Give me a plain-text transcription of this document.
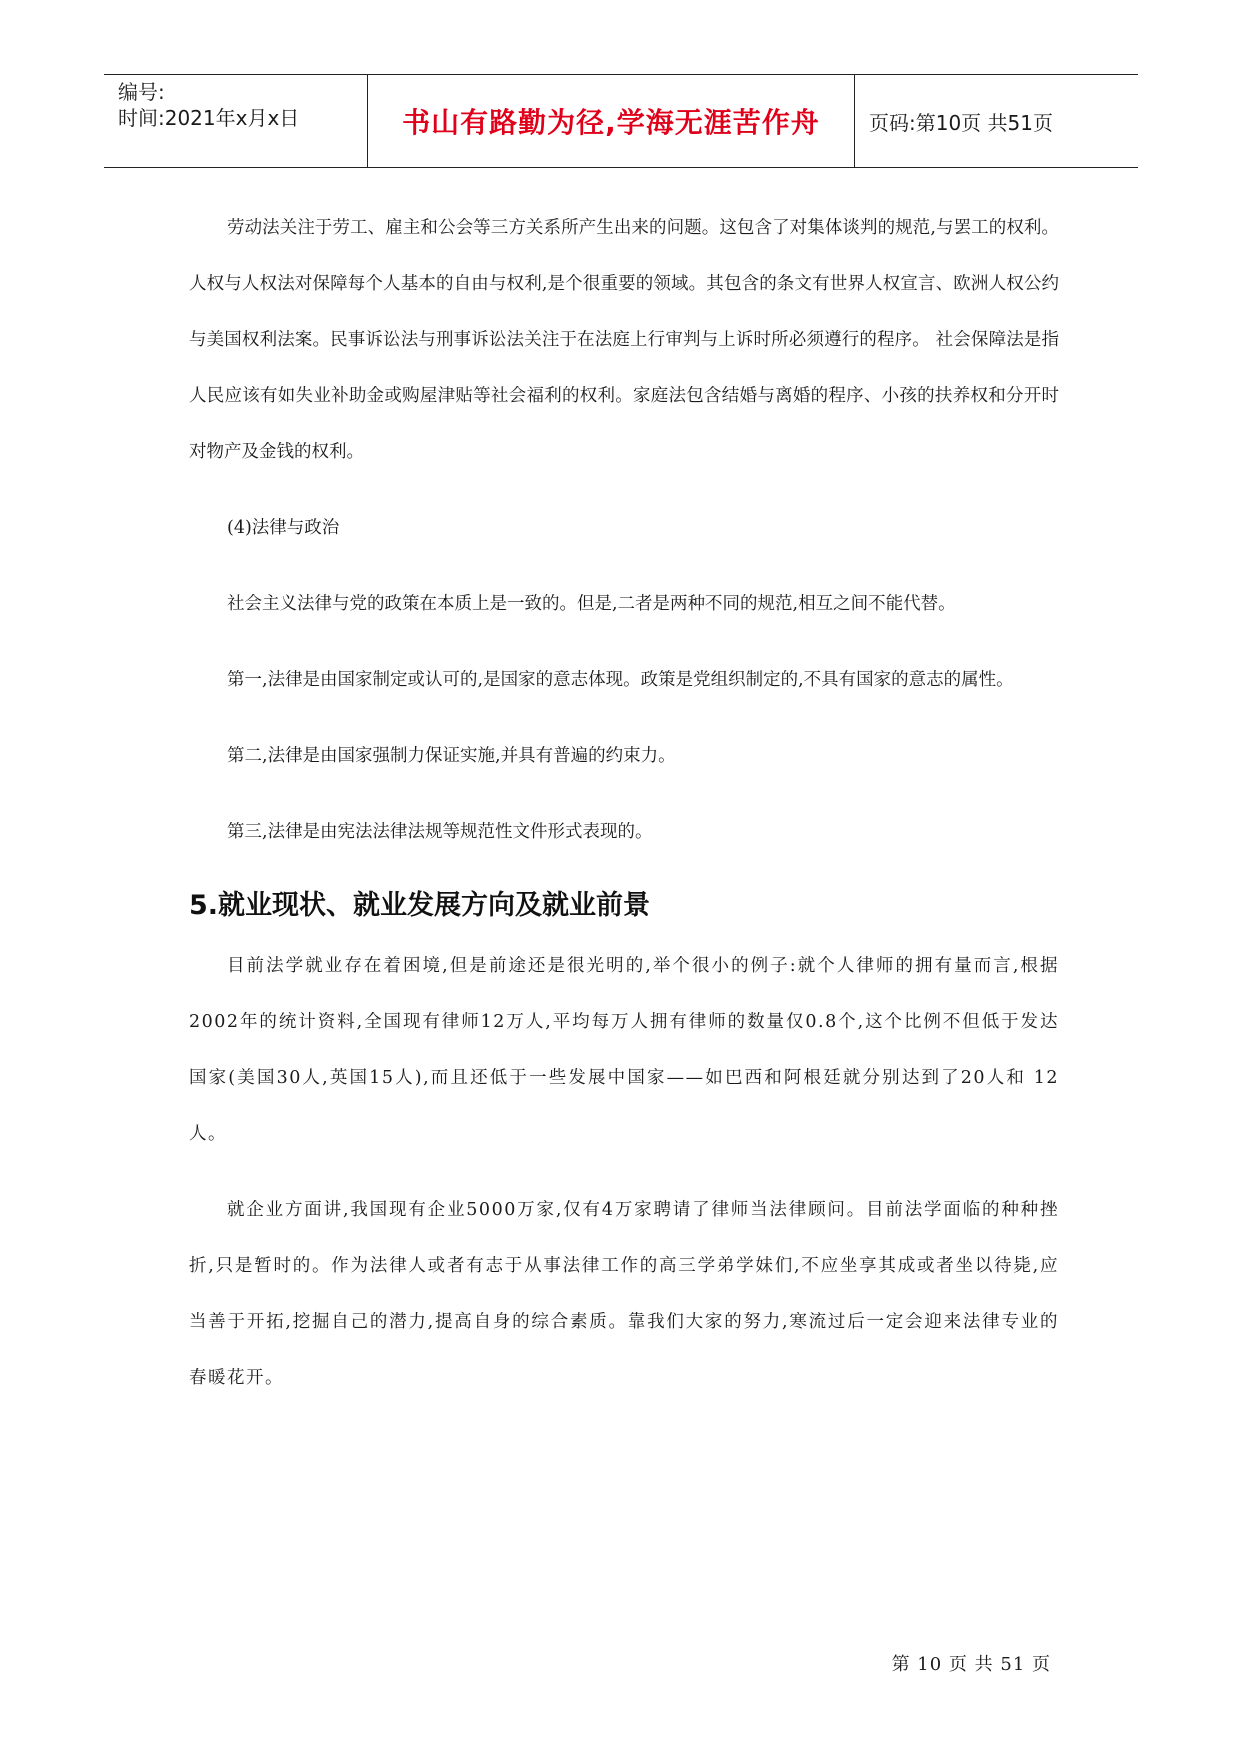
编号:
时间:2021年x月x日	书山有路勤为径,学海无涯苦作舟	页码:第10页 共51页

劳动法关注于劳工、雇主和公会等三方关系所产生出来的问题。这包含了对集体谈判的规范,与罢工的权利。 人权与人权法对保障每个人基本的自由与权利,是个很重要的领域。其包含的条文有世界人权宣言、欧洲人权公约与美国权利法案。民事诉讼法与刑事诉讼法关注于在法庭上行审判与上诉时所必须遵行的程序。 社会保障法是指人民应该有如失业补助金或购屋津贴等社会福利的权利。家庭法包含结婚与离婚的程序、小孩的扶养权和分开时对物产及金钱的权利。

(4)法律与政治

社会主义法律与党的政策在本质上是一致的。但是,二者是两种不同的规范,相互之间不能代替。

第一,法律是由国家制定或认可的,是国家的意志体现。政策是党组织制定的,不具有国家的意志的属性。

第二,法律是由国家强制力保证实施,并具有普遍的约束力。

第三,法律是由宪法法律法规等规范性文件形式表现的。

5.就业现状、就业发展方向及就业前景

目前法学就业存在着困境,但是前途还是很光明的,举个很小的例子:就个人律师的拥有量而言,根据2002年的统计资料,全国现有律师12万人,平均每万人拥有律师的数量仅0.8个,这个比例不但低于发达国家(美国30人,英国15人),而且还低于一些发展中国家——如巴西和阿根廷就分别达到了20人和 12人。

就企业方面讲,我国现有企业5000万家,仅有4万家聘请了律师当法律顾问。目前法学面临的种种挫折,只是暂时的。作为法律人或者有志于从事法律工作的高三学弟学妹们,不应坐享其成或者坐以待毙,应当善于开拓,挖掘自己的潜力,提高自身的综合素质。靠我们大家的努力,寒流过后一定会迎来法律专业的春暖花开。

第 10 页 共 51 页
